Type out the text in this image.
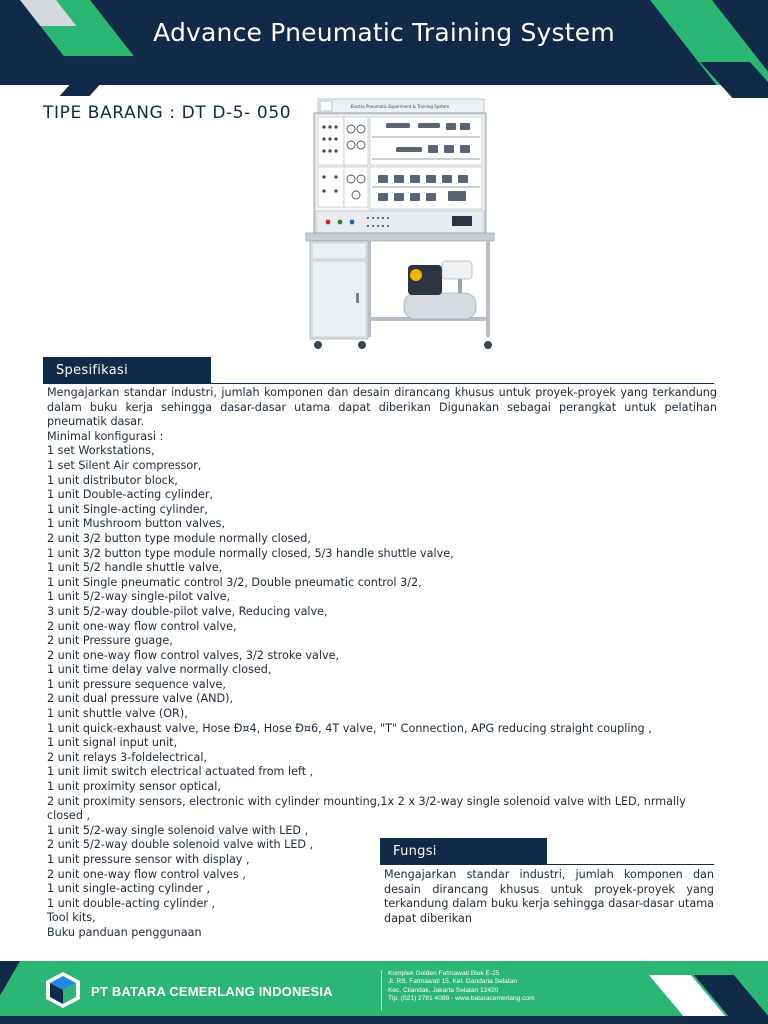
Advance Pneumatic Training System
TIPE BARANG : DT D-5- 050	Electro Pneumatic Experiment & Training System
Spesifikasi

Mengajarkan standar industri, jumlah komponen dan desain dirancang khusus untuk proyek-proyek yang terkandung dalam buku kerja sehingga dasar-dasar utama dapat diberikan Digunakan sebagai perangkat untuk pelatihan pneumatik dasar.

Minimal konfigurasi :

1 set Workstations,
1 set Silent Air compressor,
1 unit distributor block,
1 unit Double-acting cylinder,
1 unit Single-acting cylinder,
1 unit Mushroom button valves,
2 unit 3/2 button type module normally closed,
1 unit 3/2 button type module normally closed, 5/3 handle shuttle valve,
1 unit 5/2 handle shuttle valve,
1 unit Single pneumatic control 3/2, Double pneumatic control 3/2,
1 unit 5/2-way single-pilot valve,
3 unit 5/2-way double-pilot valve, Reducing valve,
2 unit one-way flow control valve,
2 unit Pressure guage,
2 unit one-way flow control valves, 3/2 stroke valve,
1 unit time delay valve normally closed,
1 unit pressure sequence valve,
2 unit dual pressure valve (AND),
1 unit shuttle valve (OR),
1 unit quick-exhaust valve, Hose Ð¤4, Hose Ð¤6, 4T valve, "T" Connection, APG reducing straight coupling ,
1 unit signal input unit,
2 unit relays 3-foldelectrical,
1 unit limit switch electrical actuated from left ,
1 unit proximity sensor optical,
2 unit proximity sensors, electronic with cylinder mounting,1x 2 x 3/2-way single solenoid valve with LED, nrmally closed ,
1 unit 5/2-way single solenoid valve with LED ,
2 unit 5/2-way double solenoid valve with LED ,
1 unit pressure sensor with display ,
2 unit one-way flow control valves ,
1 unit single-acting cylinder ,
1 unit double-acting cylinder ,
Tool kits,
Buku panduan penggunaan
Fungsi

Mengajarkan standar industri, jumlah komponen dan desain dirancang khusus untuk proyek-proyek yang terkandung dalam buku kerja sehingga dasar-dasar utama dapat diberikan

PT BATARA CEMERLANG INDONESIA
Komplek Golden Fatmawati Blok E-25
Jl. RS. Fatmawati 15, Kel. Gandaria Selatan
Kec. Cilandak, Jakarta Selatan 12420
Tlp. (021) 2781 4088 - www.bataracemerlang.com
